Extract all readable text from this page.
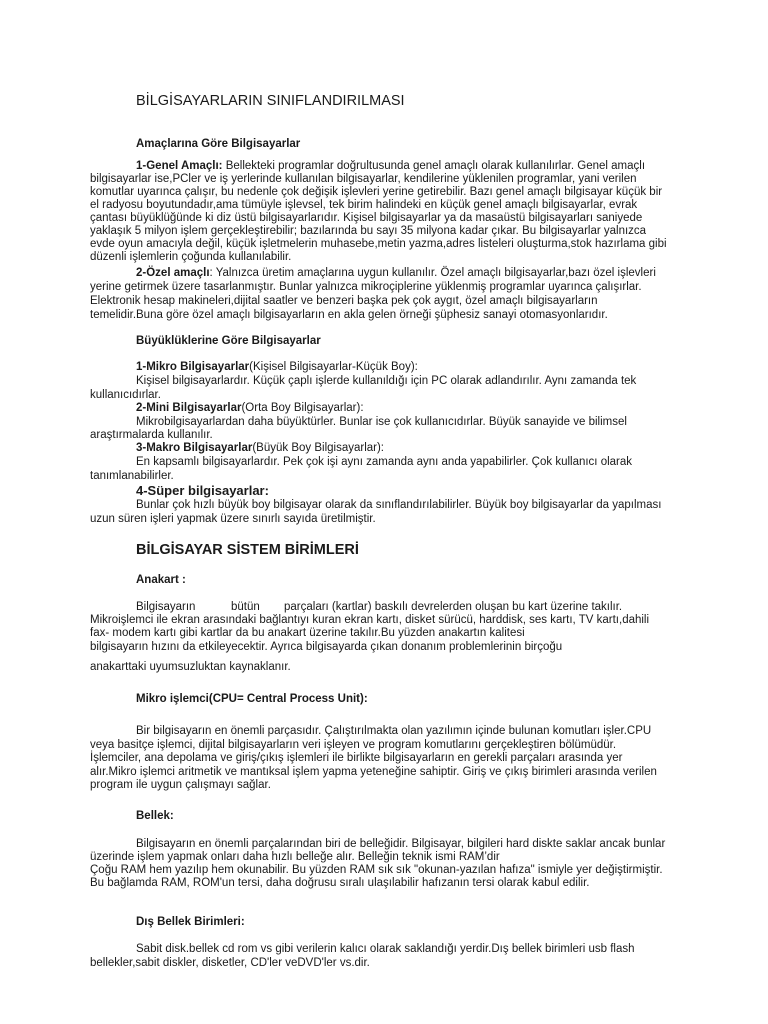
BİLGİSAYARLARIN SINIFLANDIRILMASI
Amaçlarına Göre Bilgisayarlar
1-Genel Amaçlı: Bellekteki programlar doğrultusunda genel amaçlı olarak kullanılırlar. Genel amaçlı
bilgisayarlar ise,PCler ve iş yerlerinde kullanılan bilgisayarlar, kendilerine yüklenilen programlar, yani verilen
komutlar uyarınca çalışır, bu nedenle çok değişik işlevleri yerine getirebilir. Bazı genel amaçlı bilgisayar küçük bir
el radyosu boyutundadır,ama tümüyle işlevsel, tek birim halindeki en küçük genel amaçlı bilgisayarlar, evrak
çantası büyüklüğünde ki diz üstü bilgisayarlarıdır. Kişisel bilgisayarlar ya da masaüstü bilgisayarları saniyede
yaklaşık 5 milyon işlem gerçekleştirebilir; bazılarında bu sayı 35 milyona kadar çıkar. Bu bilgisayarlar yalnızca
evde oyun amacıyla değil, küçük işletmelerin muhasebe,metin yazma,adres listeleri oluşturma,stok hazırlama gibi
düzenli işlemlerin çoğunda kullanılabilir.
2-Özel amaçlı: Yalnızca üretim amaçlarına uygun kullanılır. Özel amaçlı bilgisayarlar,bazı özel işlevleri
yerine getirmek üzere tasarlanmıştır. Bunlar yalnızca mikroçiplerine yüklenmiş programlar uyarınca çalışırlar.
Elektronik hesap makineleri,dijital saatler ve benzeri başka pek çok aygıt, özel amaçlı bilgisayarların
temelidir.Buna göre özel amaçlı bilgisayarların en akla gelen örneği şüphesiz sanayi otomasyonlarıdır.
Büyüklüklerine Göre Bilgisayarlar
1-Mikro Bilgisayarlar(Kişisel Bilgisayarlar-Küçük Boy):
Kişisel bilgisayarlardır. Küçük çaplı işlerde kullanıldığı için PC olarak adlandırılır. Aynı zamanda tek
kullanıcıdırlar.
2-Mini Bilgisayarlar(Orta Boy Bilgisayarlar):
Mikrobilgisayarlardan daha büyüktürler. Bunlar ise çok kullanıcıdırlar. Büyük sanayide ve bilimsel
araştırmalarda kullanılır.
3-Makro Bilgisayarlar(Büyük Boy Bilgisayarlar):
En kapsamlı bilgisayarlardır. Pek çok işi aynı zamanda aynı anda yapabilirler. Çok kullanıcı olarak
tanımlanabilirler.
4-Süper bilgisayarlar:
Bunlar çok hızlı büyük boy bilgisayar olarak da sınıflandırılabilirler. Büyük boy bilgisayarlar da yapılması
uzun süren işleri yapmak üzere sınırlı sayıda üretilmiştir.
BİLGİSAYAR SİSTEM BİRİMLERİ
Anakart :
Bilgisayarın	bütün parçaları (kartlar) baskılı devrelerden oluşan bu kart üzerine takılır.
Mikroişlemci ile ekran arasındaki bağlantıyı kuran ekran kartı, disket sürücü, harddisk, ses kartı, TV kartı,dahili
fax- modem kartı gibi kartlar da bu anakart üzerine takılır.Bu yüzden anakartın kalitesi
bilgisayarın hızını da etkileyecektir. Ayrıca bilgisayarda çıkan donanım problemlerinin birçoğu
anakarttaki uyumsuzluktan kaynaklanır.
Mikro işlemci(CPU= Central Process Unit):
Bir bilgisayarın en önemli parçasıdır. Çalıştırılmakta olan yazılımın içinde bulunan komutları işler.CPU
veya basitçe işlemci, dijital bilgisayarların veri işleyen ve program komutlarını gerçekleştiren bölümüdür.
İşlemciler, ana depolama ve giriş/çıkış işlemleri ile birlikte bilgisayarların en gerekli parçaları arasında yer
alır.Mikro işlemci aritmetik ve mantıksal işlem yapma yeteneğine sahiptir. Giriş ve çıkış birimleri arasında verilen
program ile uygun çalışmayı sağlar.
Bellek:
Bilgisayarın en önemli parçalarından biri de belleğidir. Bilgisayar, bilgileri hard diskte saklar ancak bunlar
üzerinde işlem yapmak onları daha hızlı belleğe alır. Belleğin teknik ismi RAM’dir
Çoğu RAM hem yazılıp hem okunabilir. Bu yüzden RAM sık sık "okunan-yazılan hafıza" ismiyle yer değiştirmiştir.
Bu bağlamda RAM, ROM'un tersi, daha doğrusu sıralı ulaşılabilir hafızanın tersi olarak kabul edilir.
Dış Bellek Birimleri:
Sabit disk.bellek cd rom vs gibi verilerin kalıcı olarak saklandığı yerdir.Dış bellek birimleri usb flash
bellekler,sabit diskler, disketler, CD'ler veDVD'ler vs.dir.
